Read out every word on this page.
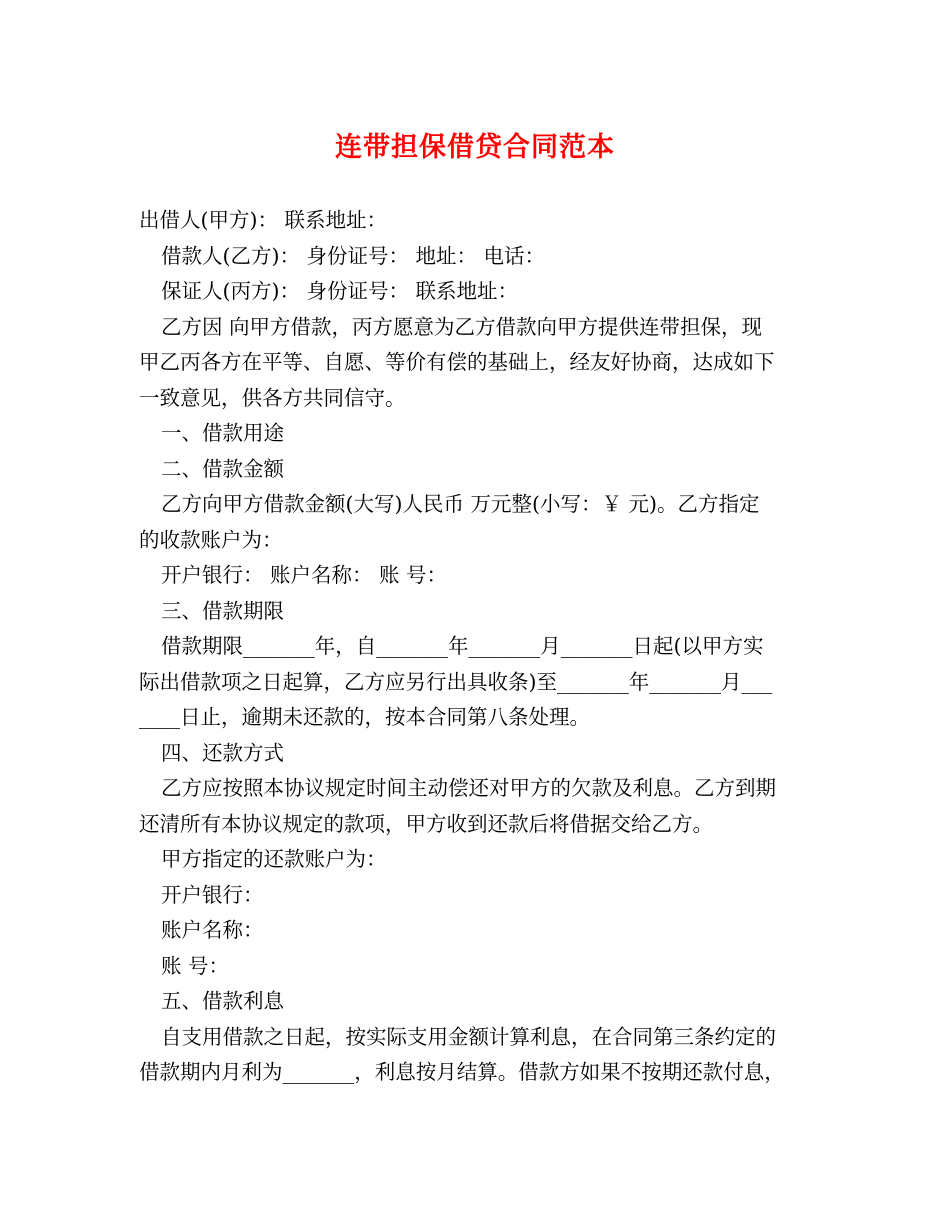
连带担保借贷合同范本

出借人(甲方)： 联系地址：

借款人(乙方)： 身份证号： 地址： 电话：

保证人(丙方)： 身份证号： 联系地址：

乙方因 向甲方借款，丙方愿意为乙方借款向甲方提供连带担保，现

甲乙丙各方在平等、自愿、等价有偿的基础上，经友好协商，达成如下

一致意见，供各方共同信守。

一、借款用途

二、借款金额

乙方向甲方借款金额(大写)人民币 万元整(小写：￥ 元)。乙方指定

的收款账户为：

开户银行： 账户名称： 账 号：

三、借款期限

借款期限_______年，自_______年_______月_______日起(以甲方实

际出借款项之日起算，乙方应另行出具收条)至_______年_______月___

____日止，逾期未还款的，按本合同第八条处理。

四、还款方式

乙方应按照本协议规定时间主动偿还对甲方的欠款及利息。乙方到期

还清所有本协议规定的款项，甲方收到还款后将借据交给乙方。

甲方指定的还款账户为：

开户银行：

账户名称：

账 号：

五、借款利息

自支用借款之日起，按实际支用金额计算利息，在合同第三条约定的

借款期内月利为_______，利息按月结算。借款方如果不按期还款付息，
